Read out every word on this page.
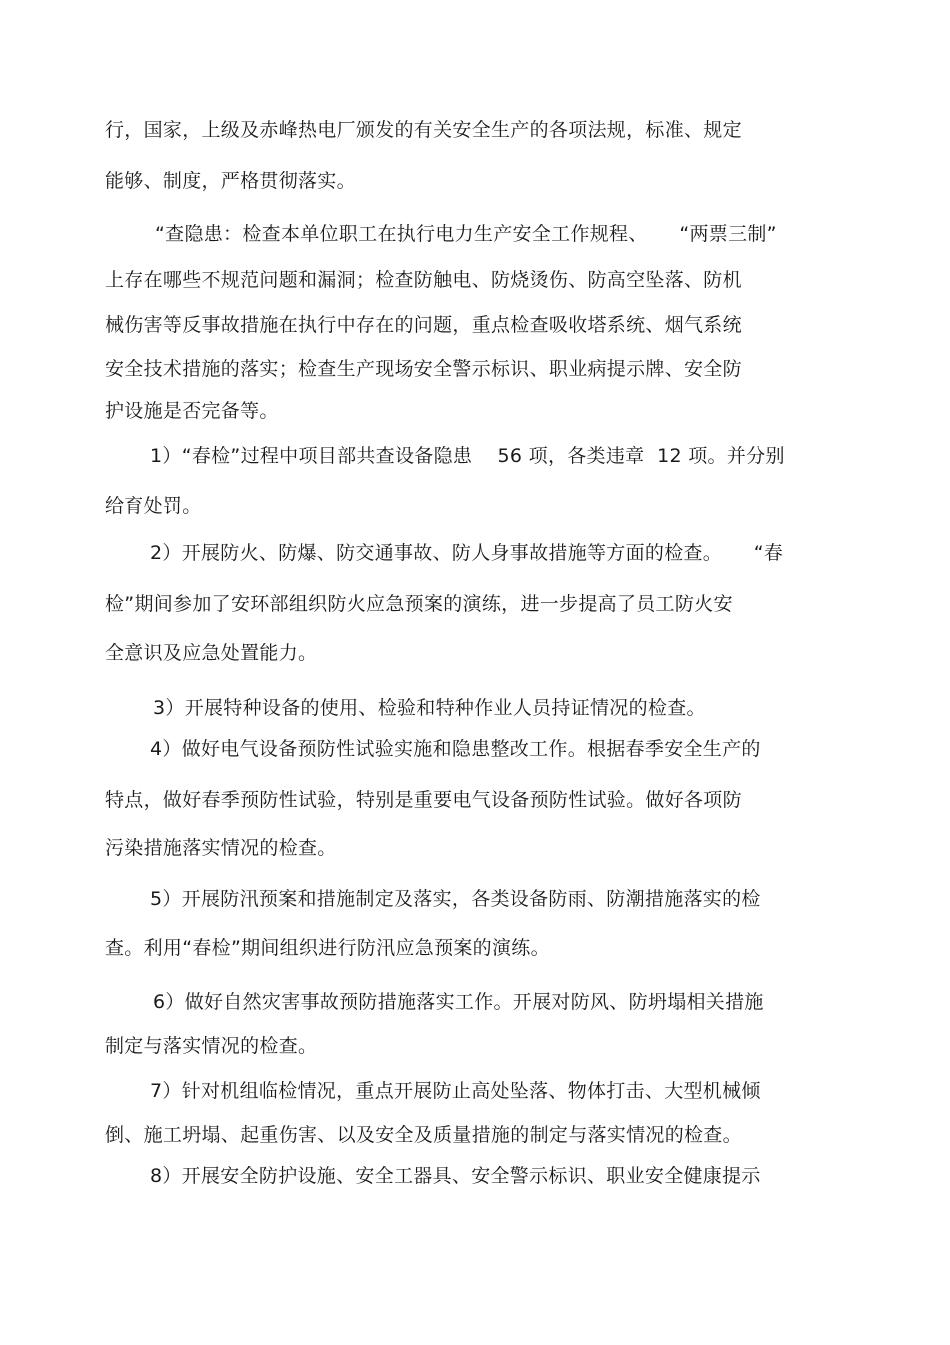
行，国家，上级及赤峰热电厂颁发的有关安全生产的各项法规，标准、规定
能够、制度，严格贯彻落实。
“查隐患：检查本单位职工在执行电力生产安全工作规程、     “两票三制”
上存在哪些不规范问题和漏洞；检查防触电、防烧烫伤、防高空坠落、防机
械伤害等反事故措施在执行中存在的问题，重点检查吸收塔系统、烟气系统
安全技术措施的落实；检查生产现场安全警示标识、职业病提示牌、安全防
护设施是否完备等。
1）“春检”过程中项目部共查设备隐患    56 项，各类违章  12 项。并分别
给育处罚。
2）开展防火、防爆、防交通事故、防人身事故措施等方面的检查。     “春
检”期间参加了安环部组织防火应急预案的演练，进一步提高了员工防火安
全意识及应急处置能力。
3）开展特种设备的使用、检验和特种作业人员持证情况的检查。
4）做好电气设备预防性试验实施和隐患整改工作。根据春季安全生产的
特点，做好春季预防性试验，特别是重要电气设备预防性试验。做好各项防
污染措施落实情况的检查。
5）开展防汛预案和措施制定及落实，各类设备防雨、防潮措施落实的检
查。利用“春检”期间组织进行防汛应急预案的演练。
6）做好自然灾害事故预防措施落实工作。开展对防风、防坍塌相关措施
制定与落实情况的检查。
7）针对机组临检情况，重点开展防止高处坠落、物体打击、大型机械倾
倒、施工坍塌、起重伤害、以及安全及质量措施的制定与落实情况的检查。
8）开展安全防护设施、安全工器具、安全警示标识、职业安全健康提示
